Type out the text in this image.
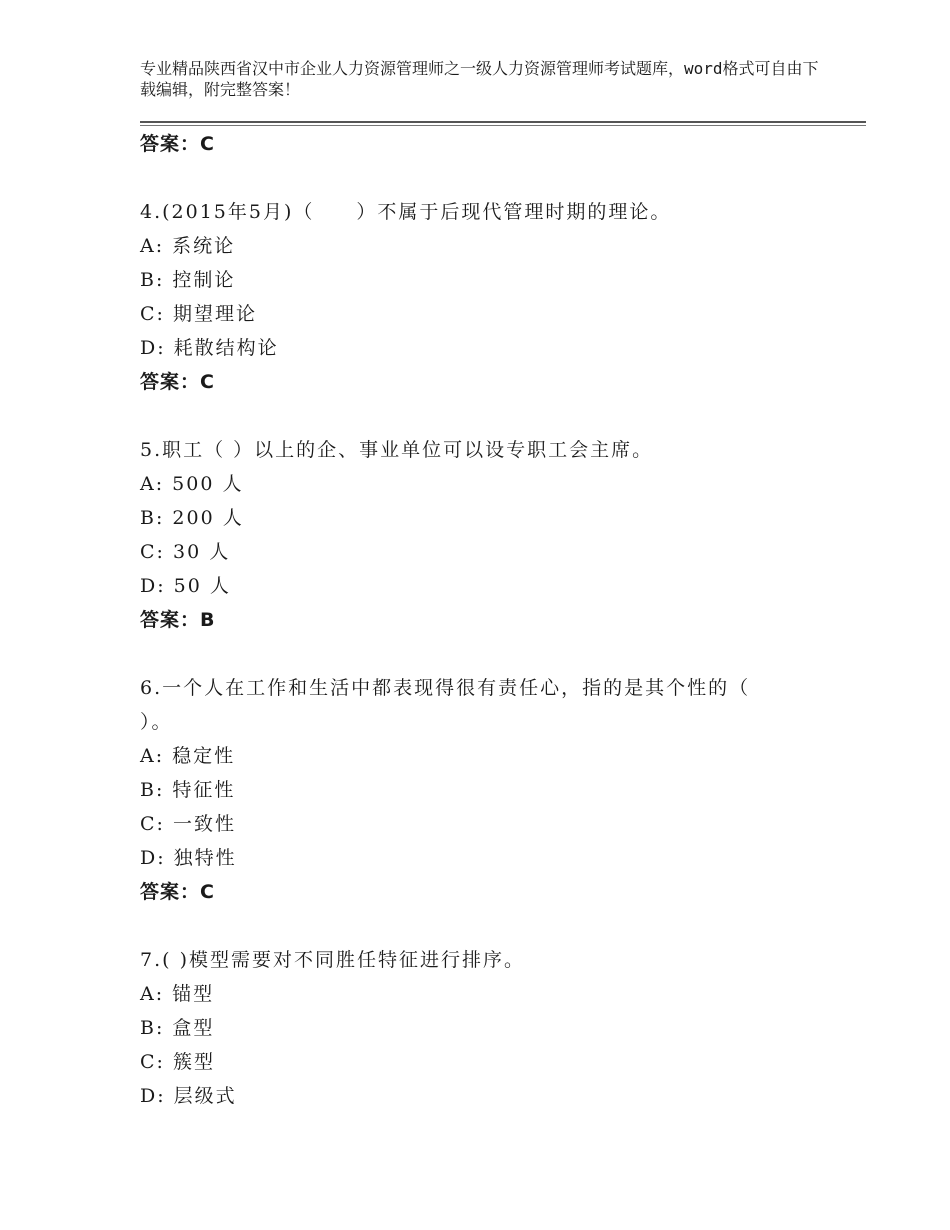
专业精品陕西省汉中市企业人力资源管理师之一级人力资源管理师考试题库，word格式可自由下载编辑，附完整答案！
答案：C
4.(2015年5月)（　　）不属于后现代管理时期的理论。
A: 系统论
B: 控制论
C: 期望理论
D: 耗散结构论
答案：C
5.职工（ ）以上的企、事业单位可以设专职工会主席。
A: 500 人
B: 200 人
C: 30 人
D: 50 人
答案：B
6.一个人在工作和生活中都表现得很有责任心，指的是其个性的（ ）。
A: 稳定性
B: 特征性
C: 一致性
D: 独特性
答案：C
7.( )模型需要对不同胜任特征进行排序。
A: 锚型
B: 盒型
C: 簇型
D: 层级式
